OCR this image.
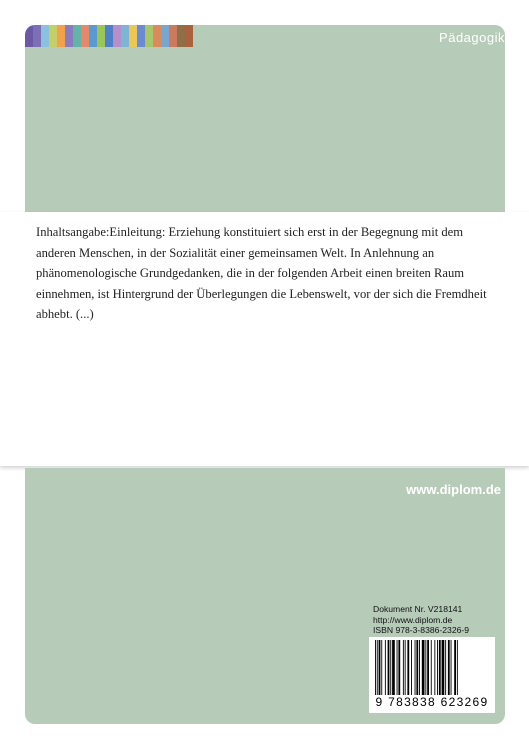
Pädagogik

Inhaltsangabe:Einleitung: Erziehung konstituiert sich erst in der Begegnung mit dem anderen Menschen, in der Sozialität einer gemeinsamen Welt. In Anlehnung an phänomenologische Grundgedanken, die in der folgenden Arbeit einen breiten Raum einnehmen, ist Hintergrund der Überlegungen die Lebenswelt, vor der sich die Fremdheit abhebt. (...)

www.diplom.de
Dokument Nr. V218141
http://www.diplom.de
ISBN 978-3-8386-2326-9
9 783838 623269
